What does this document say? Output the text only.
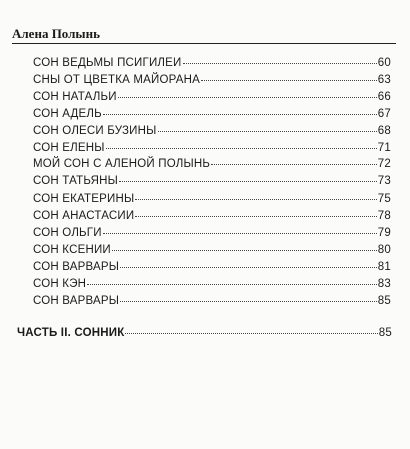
Алена Полынь
СОН ВЕДЬМЫ ПСИГИЛЕИ	60
СНЫ ОТ ЦВЕТКА МАЙОРАНА	63
СОН НАТАЛЬИ	66
СОН АДЕЛЬ	67
СОН ОЛЕСИ БУЗИНЫ	68
СОН ЕЛЕНЫ	71
МОЙ СОН С АЛЕНОЙ ПОЛЫНЬ	72
СОН ТАТЬЯНЫ	73
СОН ЕКАТЕРИНЫ	75
СОН АНАСТАСИИ	78
СОН ОЛЬГИ	79
СОН КСЕНИИ	80
СОН ВАРВАРЫ	81
СОН КЭН	83
СОН ВАРВАРЫ	85
ЧАСТЬ II. СОННИК	85
